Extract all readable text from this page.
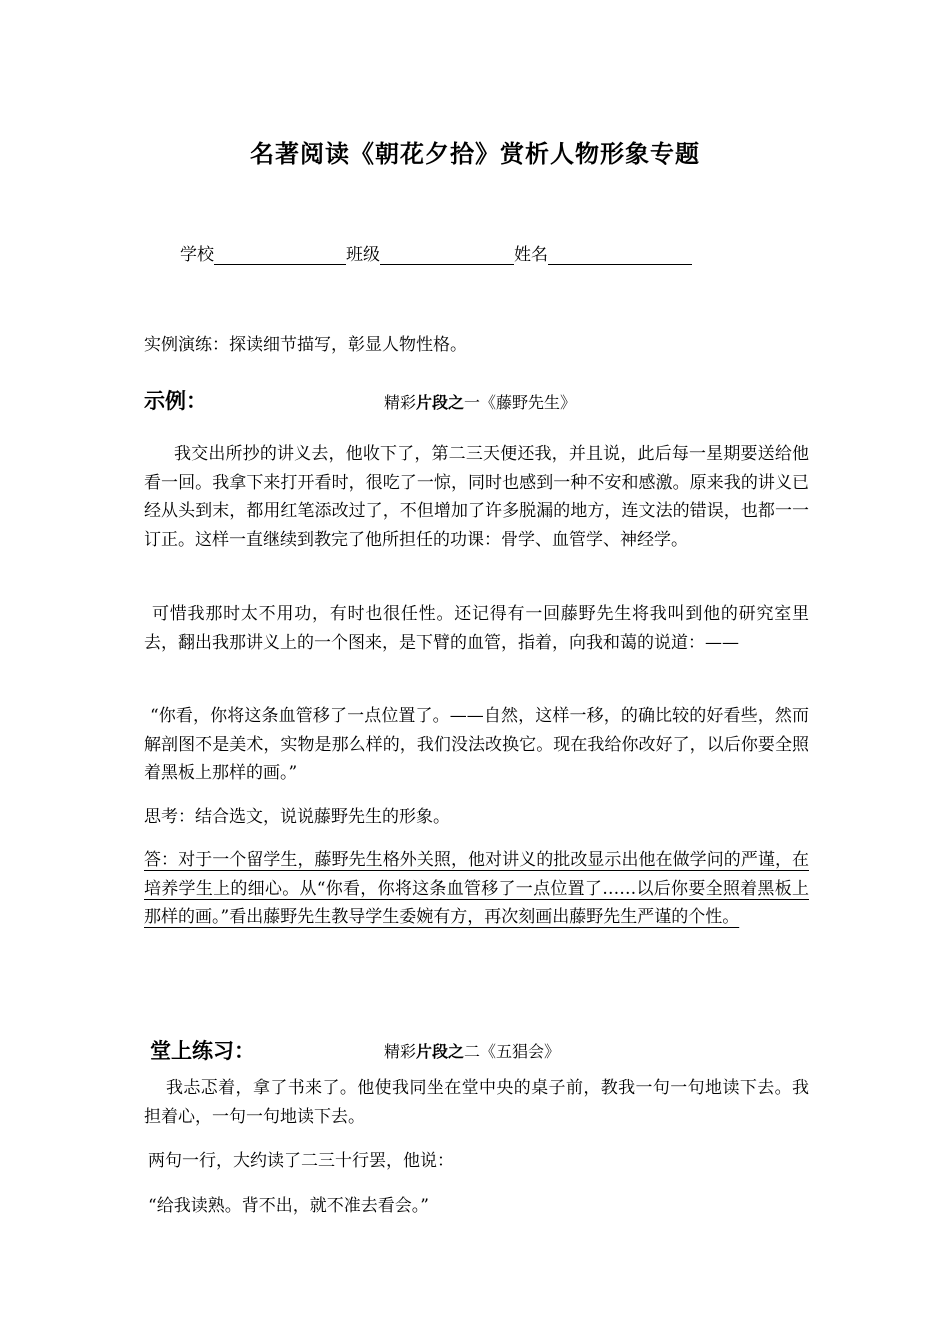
名著阅读《朝花夕拾》赏析人物形象专题
学校	班级	姓名
实例演练：探读细节描写，彰显人物性格。
示例：	精彩片段之一《藤野先生》
我交出所抄的讲义去，他收下了，第二三天便还我，并且说，此后每一星期要送给他看一回。我拿下来打开看时，很吃了一惊，同时也感到一种不安和感激。原来我的讲义已经从头到末，都用红笔添改过了，不但增加了许多脱漏的地方，连文法的错误，也都一一订正。这样一直继续到教完了他所担任的功课：骨学、血管学、神经学。
可惜我那时太不用功，有时也很任性。还记得有一回藤野先生将我叫到他的研究室里去，翻出我那讲义上的一个图来，是下臂的血管，指着，向我和蔼的说道：——
“你看，你将这条血管移了一点位置了。——自然，这样一移，的确比较的好看些，然而解剖图不是美术，实物是那么样的，我们没法改换它。现在我给你改好了，以后你要全照着黑板上那样的画。”
思考：结合选文，说说藤野先生的形象。
答：对于一个留学生，藤野先生格外关照，他对讲义的批改显示出他在做学问的严谨，在培养学生上的细心。从“你看，你将这条血管移了一点位置了……以后你要全照着黑板上那样的画。”看出藤野先生教导学生委婉有方，再次刻画出藤野先生严谨的个性。
堂上练习：	精彩片段之二《五猖会》
我忐忑着，拿了书来了。他使我同坐在堂中央的桌子前，教我一句一句地读下去。我担着心，一句一句地读下去。
两句一行，大约读了二三十行罢，他说：
“给我读熟。背不出，就不准去看会。”
